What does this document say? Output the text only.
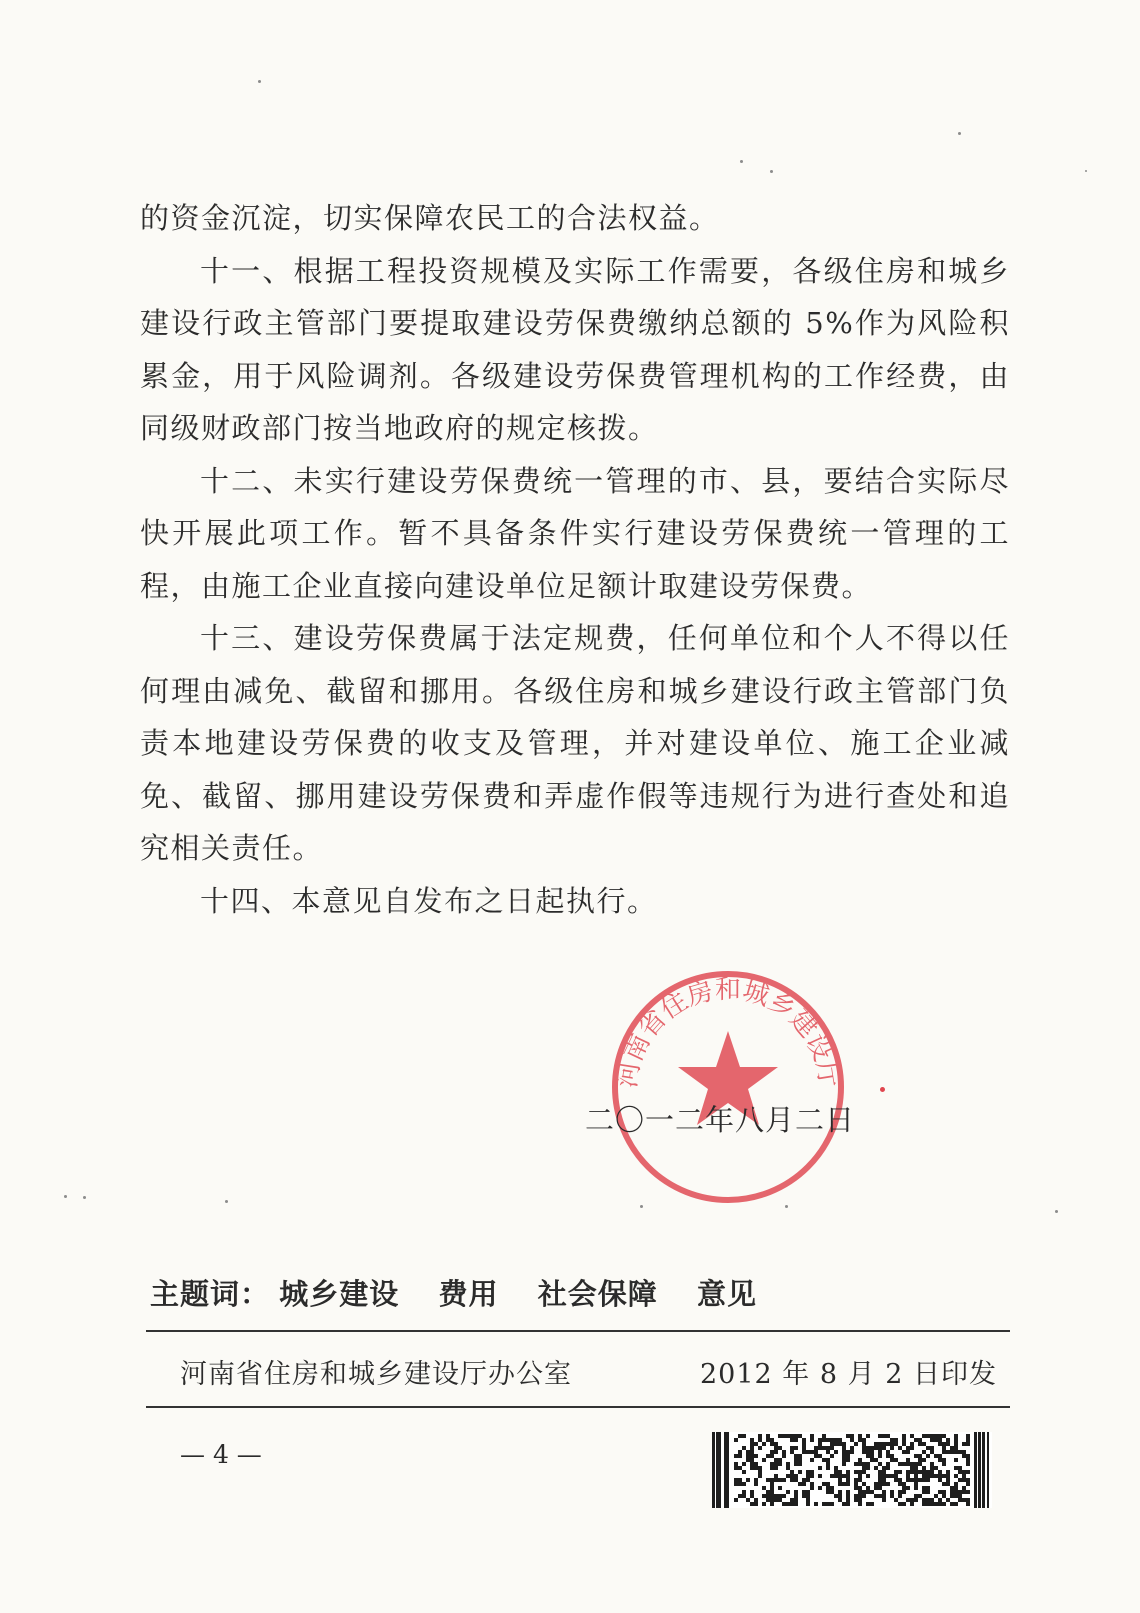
的资金沉淀，切实保障农民工的合法权益。

十一、根据工程投资规模及实际工作需要，各级住房和城乡建设行政主管部门要提取建设劳保费缴纳总额的 5%作为风险积累金，用于风险调剂。各级建设劳保费管理机构的工作经费，由同级财政部门按当地政府的规定核拨。

十二、未实行建设劳保费统一管理的市、县，要结合实际尽快开展此项工作。暂不具备条件实行建设劳保费统一管理的工程，由施工企业直接向建设单位足额计取建设劳保费。

十三、建设劳保费属于法定规费，任何单位和个人不得以任何理由减免、截留和挪用。各级住房和城乡建设行政主管部门负责本地建设劳保费的收支及管理，并对建设单位、施工企业减免、截留、挪用建设劳保费和弄虚作假等违规行为进行查处和追究相关责任。

十四、本意见自发布之日起执行。

河南省住房和城乡建设厅
二〇一二年八月二日
主题词： 城乡建设 费用 社会保障 意见
河南省住房和城乡建设厅办公室	2012 年 8 月 2 日印发
— 4 —
